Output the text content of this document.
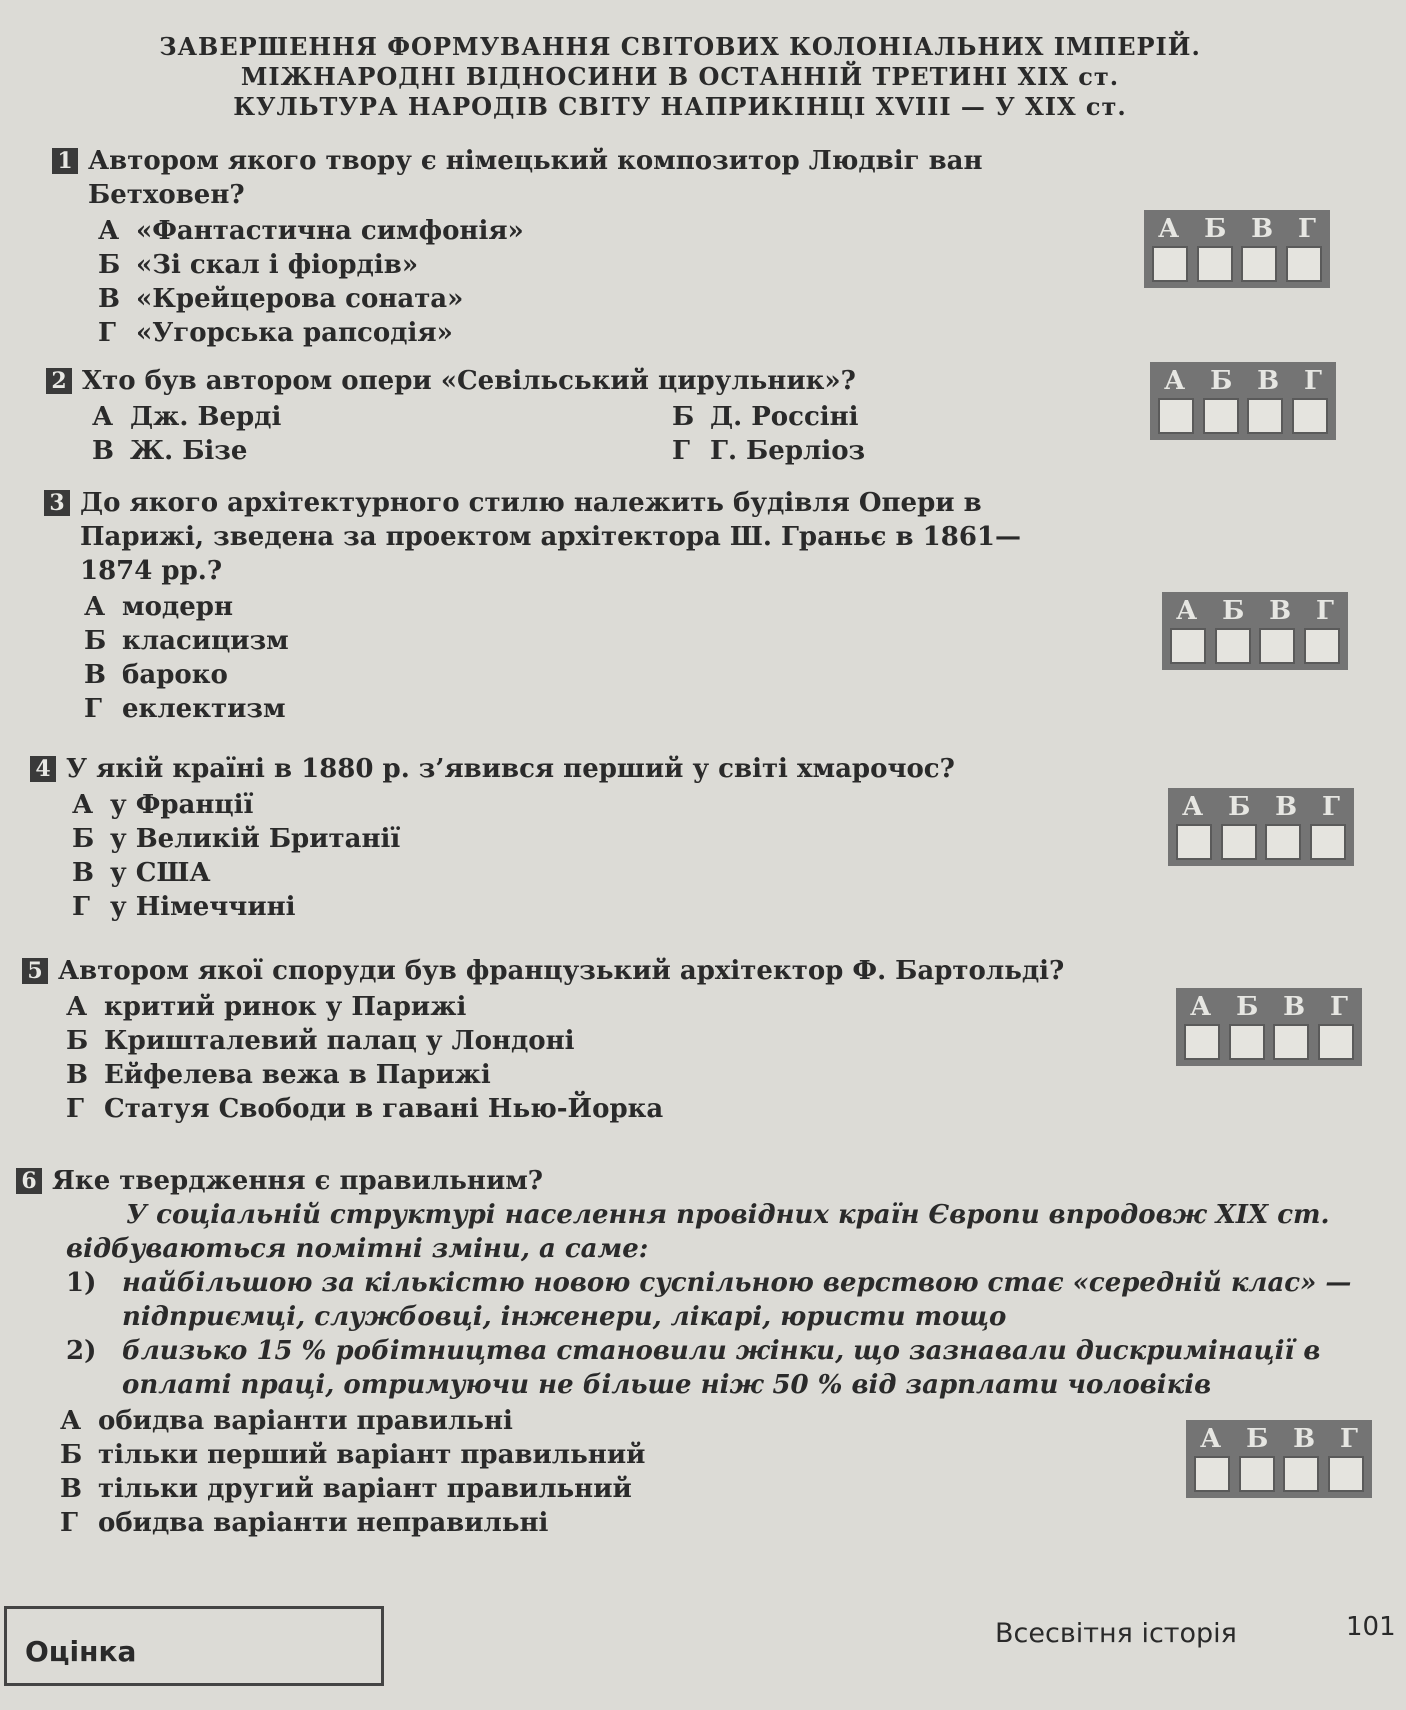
ЗАВЕРШЕННЯ ФОРМУВАННЯ СВІТОВИХ КОЛОНІАЛЬНИХ ІМПЕРІЙ.
МІЖНАРОДНІ ВІДНОСИНИ В ОСТАННІЙ ТРЕТИНІ XIX ст.
КУЛЬТУРА НАРОДІВ СВІТУ НАПРИКІНЦІ XVIII — У XIX ст.
1 Автором якого твору є німецький композитор Людвіг ван Бетховен?
А «Фантастична симфонія»
Б «Зі скал і фіордів»
В «Крейцерова соната»
Г «Угорська рапсодія»
А Б В Г
2 Хто був автором опери «Севільський цирульник»?
А Дж. Верді	Б Д. Россіні
В Ж. Бізе	Г Г. Берліоз
А Б В Г
3 До якого архітектурного стилю належить будівля Опери в Парижі, зведена за проектом архітектора Ш. Граньє в 1861—1874 рр.?
А модерн
Б класицизм
В бароко
Г еклектизм
А Б В Г
4 У якій країні в 1880 р. з’явився перший у світі хмарочос?
А у Франції
Б у Великій Британії
В у США
Г у Німеччині
А Б В Г
5 Автором якої споруди був французький архітектор Ф. Бартольді?
А критий ринок у Парижі
Б Кришталевий палац у Лондоні
В Ейфелева вежа в Парижі
Г Статуя Свободи в гавані Нью-Йорка
А Б В Г
6 Яке твердження є правильним?
У соціальній структурі населення провідних країн Європи впродовж XIX ст. відбуваються помітні зміни, а саме:
1) найбільшою за кількістю новою суспільною верствою стає «середній клас» — підприємці, службовці, інженери, лікарі, юристи тощо
2) близько 15 % робітництва становили жінки, що зазнавали дискримінації в оплаті праці, отримуючи не більше ніж 50 % від зарплати чоловіків
А обидва варіанти правильні
Б тільки перший варіант правильний
В тільки другий варіант правильний
Г обидва варіанти неправильні
А Б В Г
Оцінка
Всесвітня історія	101
